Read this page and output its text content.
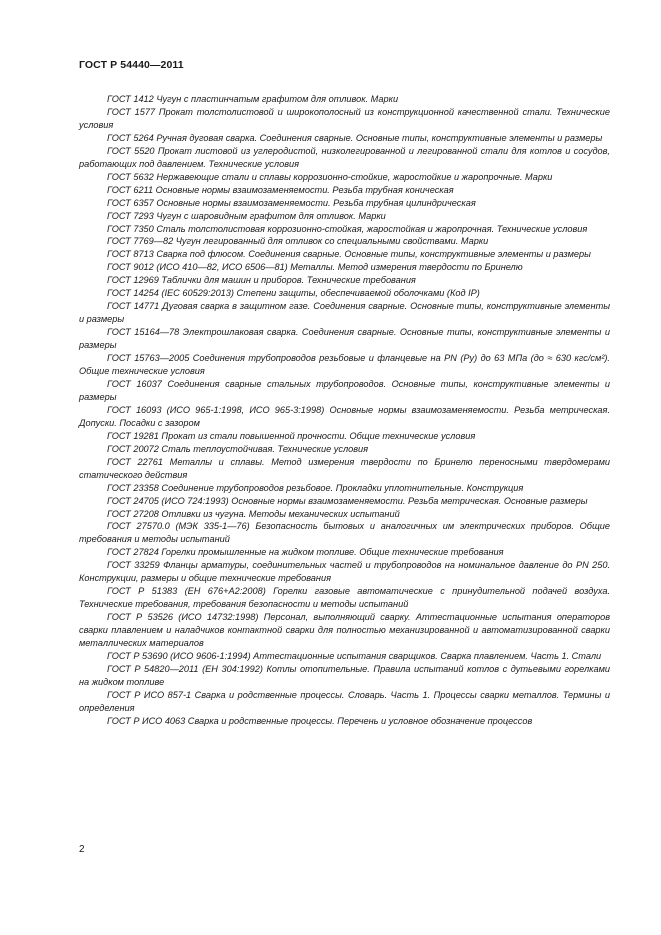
ГОСТ Р 54440—2011
ГОСТ 1412 Чугун с пластинчатым графитом для отливок. Марки
ГОСТ 1577 Прокат толстолистовой и широкополосный из конструкционной качественной стали. Технические условия
ГОСТ 5264 Ручная дуговая сварка. Соединения сварные. Основные типы, конструктивные элементы и размеры
ГОСТ 5520 Прокат листовой из углеродистой, низколегированной и легированной стали для котлов и сосудов, работающих под давлением. Технические условия
ГОСТ 5632 Нержавеющие стали и сплавы коррозионно-стойкие, жаростойкие и жаропрочные. Марки
ГОСТ 6211 Основные нормы взаимозаменяемости. Резьба трубная коническая
ГОСТ 6357 Основные нормы взаимозаменяемости. Резьба трубная цилиндрическая
ГОСТ 7293 Чугун с шаровидным графитом для отливок. Марки
ГОСТ 7350 Сталь толстолистовая коррозионно-стойкая, жаростойкая и жаропрочная. Технические условия
ГОСТ 7769—82 Чугун легированный для отливок со специальными свойствами. Марки
ГОСТ 8713 Сварка под флюсом. Соединения сварные. Основные типы, конструктивные элементы и размеры
ГОСТ 9012 (ИСО 410—82, ИСО 6506—81) Металлы. Метод измерения твердости по Бринелю
ГОСТ 12969 Таблички для машин и приборов. Технические требования
ГОСТ 14254 (IEC 60529:2013) Степени защиты, обеспечиваемой оболочками (Код IP)
ГОСТ 14771 Дуговая сварка в защитном газе. Соединения сварные. Основные типы, конструктивные элементы и размеры
ГОСТ 15164—78 Электрошлаковая сварка. Соединения сварные. Основные типы, конструктивные элементы и размеры
ГОСТ 15763—2005 Соединения трубопроводов резьбовые и фланцевые на PN (Pу) до 63 МПа (до ≈ 630 кгс/см²). Общие технические условия
ГОСТ 16037 Соединения сварные стальных трубопроводов. Основные типы, конструктивные элементы и размеры
ГОСТ 16093 (ИСО 965-1:1998, ИСО 965-3:1998) Основные нормы взаимозаменяемости. Резьба метрическая. Допуски. Посадки с зазором
ГОСТ 19281 Прокат из стали повышенной прочности. Общие технические условия
ГОСТ 20072 Сталь теплоустойчивая. Технические условия
ГОСТ 22761 Металлы и сплавы. Метод измерения твердости по Бринелю переносными твердомерами статического действия
ГОСТ 23358 Соединение трубопроводов резьбовое. Прокладки уплотнительные. Конструкция
ГОСТ 24705 (ИСО 724:1993) Основные нормы взаимозаменяемости. Резьба метрическая. Основные размеры
ГОСТ 27208 Отливки из чугуна. Методы механических испытаний
ГОСТ 27570.0 (МЭК 335-1—76) Безопасность бытовых и аналогичных им электрических приборов. Общие требования и методы испытаний
ГОСТ 27824 Горелки промышленные на жидком топливе. Общие технические требования
ГОСТ 33259 Фланцы арматуры, соединительных частей и трубопроводов на номинальное давление до PN 250. Конструкции, размеры и общие технические требования
ГОСТ Р 51383 (ЕН 676+А2:2008) Горелки газовые автоматические с принудительной подачей воздуха. Технические требования, требования безопасности и методы испытаний
ГОСТ Р 53526 (ИСО 14732:1998) Персонал, выполняющий сварку. Аттестационные испытания операторов сварки плавлением и наладчиков контактной сварки для полностью механизированной и автоматизированной сварки металлических материалов
ГОСТ Р 53690 (ИСО 9606-1:1994) Аттестационные испытания сварщиков. Сварка плавлением. Часть 1. Стали
ГОСТ Р 54820—2011 (ЕН 304:1992) Котлы отопительные. Правила испытаний котлов с дутьевыми горелками на жидком топливе
ГОСТ Р ИСО 857-1 Сварка и родственные процессы. Словарь. Часть 1. Процессы сварки металлов. Термины и определения
ГОСТ Р ИСО 4063 Сварка и родственные процессы. Перечень и условное обозначение процессов
2
